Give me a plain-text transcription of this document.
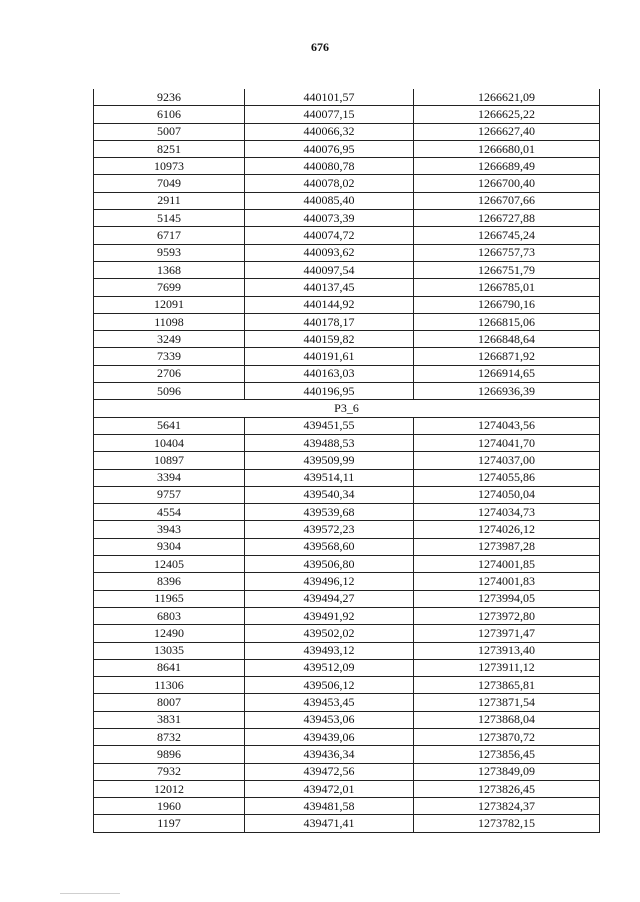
676
9236	440101,57	1266621,09
6106	440077,15	1266625,22
5007	440066,32	1266627,40
8251	440076,95	1266680,01
10973	440080,78	1266689,49
7049	440078,02	1266700,40
2911	440085,40	1266707,66
5145	440073,39	1266727,88
6717	440074,72	1266745,24
9593	440093,62	1266757,73
1368	440097,54	1266751,79
7699	440137,45	1266785,01
12091	440144,92	1266790,16
11098	440178,17	1266815,06
3249	440159,82	1266848,64
7339	440191,61	1266871,92
2706	440163,03	1266914,65
5096	440196,95	1266936,39
P3_6		
5641	439451,55	1274043,56
10404	439488,53	1274041,70
10897	439509,99	1274037,00
3394	439514,11	1274055,86
9757	439540,34	1274050,04
4554	439539,68	1274034,73
3943	439572,23	1274026,12
9304	439568,60	1273987,28
12405	439506,80	1274001,85
8396	439496,12	1274001,83
11965	439494,27	1273994,05
6803	439491,92	1273972,80
12490	439502,02	1273971,47
13035	439493,12	1273913,40
8641	439512,09	1273911,12
11306	439506,12	1273865,81
8007	439453,45	1273871,54
3831	439453,06	1273868,04
8732	439439,06	1273870,72
9896	439436,34	1273856,45
7932	439472,56	1273849,09
12012	439472,01	1273826,45
1960	439481,58	1273824,37
1197	439471,41	1273782,15
